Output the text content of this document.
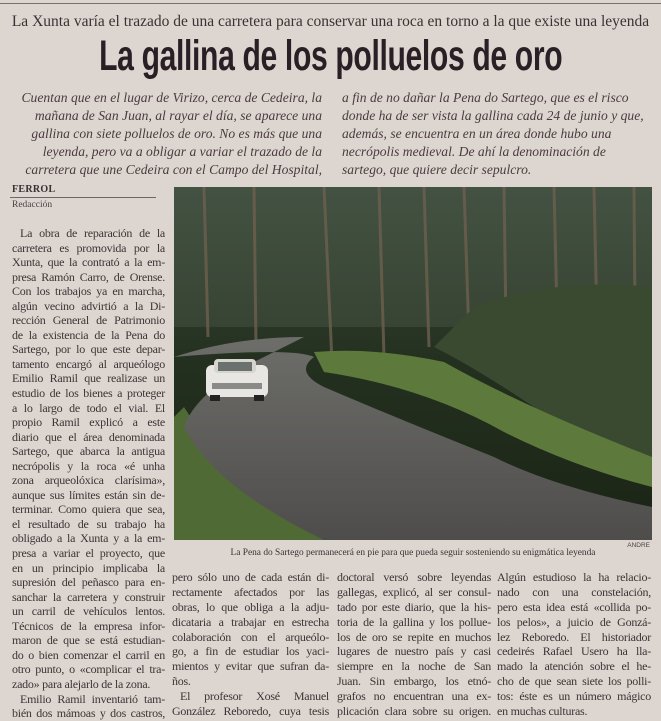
La Xunta varía el trazado de una carretera para conservar una roca en torno a la que existe una leyenda
La gallina de los polluelos de oro
Cuentan que en el lugar de Virizo, cerca de Cedeira, la
mañana de San Juan, al rayar el día, se aparece una
gallina con siete polluelos de oro. No es más que una
leyenda, pero va a obligar a variar el trazado de la
carretera que une Cedeira con el Campo del Hospital,
a fin de no dañar la Pena do Sartego, que es el risco
donde ha de ser vista la gallina cada 24 de junio y que,
además, se encuentra en un área donde hubo una
necrópolis medieval. De ahí la denominación de
sartego, que quiere decir sepulcro.
FERROL
Redacción
La obra de reparación de la
carretera es promovida por la
Xunta, que la contrató a la em-
presa Ramón Carro, de Orense.
Con los trabajos ya en marcha,
algún vecino advirtió a la Di-
rección General de Patrimonio
de la existencia de la Pena do
Sartego, por lo que este depar-
tamento encargó al arqueólogo
Emilio Ramil que realizase un
estudio de los bienes a proteger
a lo largo de todo el vial. El
propio Ramil explicó a este
diario que el área denominada
Sartego, que abarca la antigua
necrópolis y la roca «é unha
zona arqueolóxica clarísima»,
aunque sus límites están sin de-
terminar. Como quiera que sea,
el resultado de su trabajo ha
obligado a la Xunta y a la em-
presa a variar el proyecto, que
en un principio implicaba la
supresión del peñasco para en-
sanchar la carretera y construir
un carril de vehículos lentos.
Técnicos de la empresa infor-
maron de que se está estudian-
do o bien comenzar el carril en
otro punto, o «complicar el tra-
zado» para alejarlo de la zona.
Emilio Ramil inventarió tam-
bién dos mámoas y dos castros,
ANDRE
La Pena do Sartego permanecerá en pie para que pueda seguir sosteniendo su enigmática leyenda
pero sólo uno de cada están di-
rectamente afectados por las
obras, lo que obliga a la adju-
dicataria a trabajar en estrecha
colaboración con el arqueólo-
go, a fin de estudiar los yaci-
mientos y evitar que sufran da-
ños.
El profesor Xosé Manuel
González Reboredo, cuya tesis
doctoral versó sobre leyendas
gallegas, explicó, al ser consul-
tado por este diario, que la his-
toria de la gallina y los pollue-
los de oro se repite en muchos
lugares de nuestro país y casi
siempre en la noche de San
Juan. Sin embargo, los etnó-
grafos no encuentran una ex-
plicación clara sobre su origen.
Algún estudioso la ha relacio-
nado con una constelación,
pero esta idea está «collida po-
los pelos», a juicio de Gonzá-
lez Reboredo. El historiador
cedeirés Rafael Usero ha lla-
mado la atención sobre el he-
cho de que sean siete los polli-
tos: éste es un número mágico
en muchas culturas.
